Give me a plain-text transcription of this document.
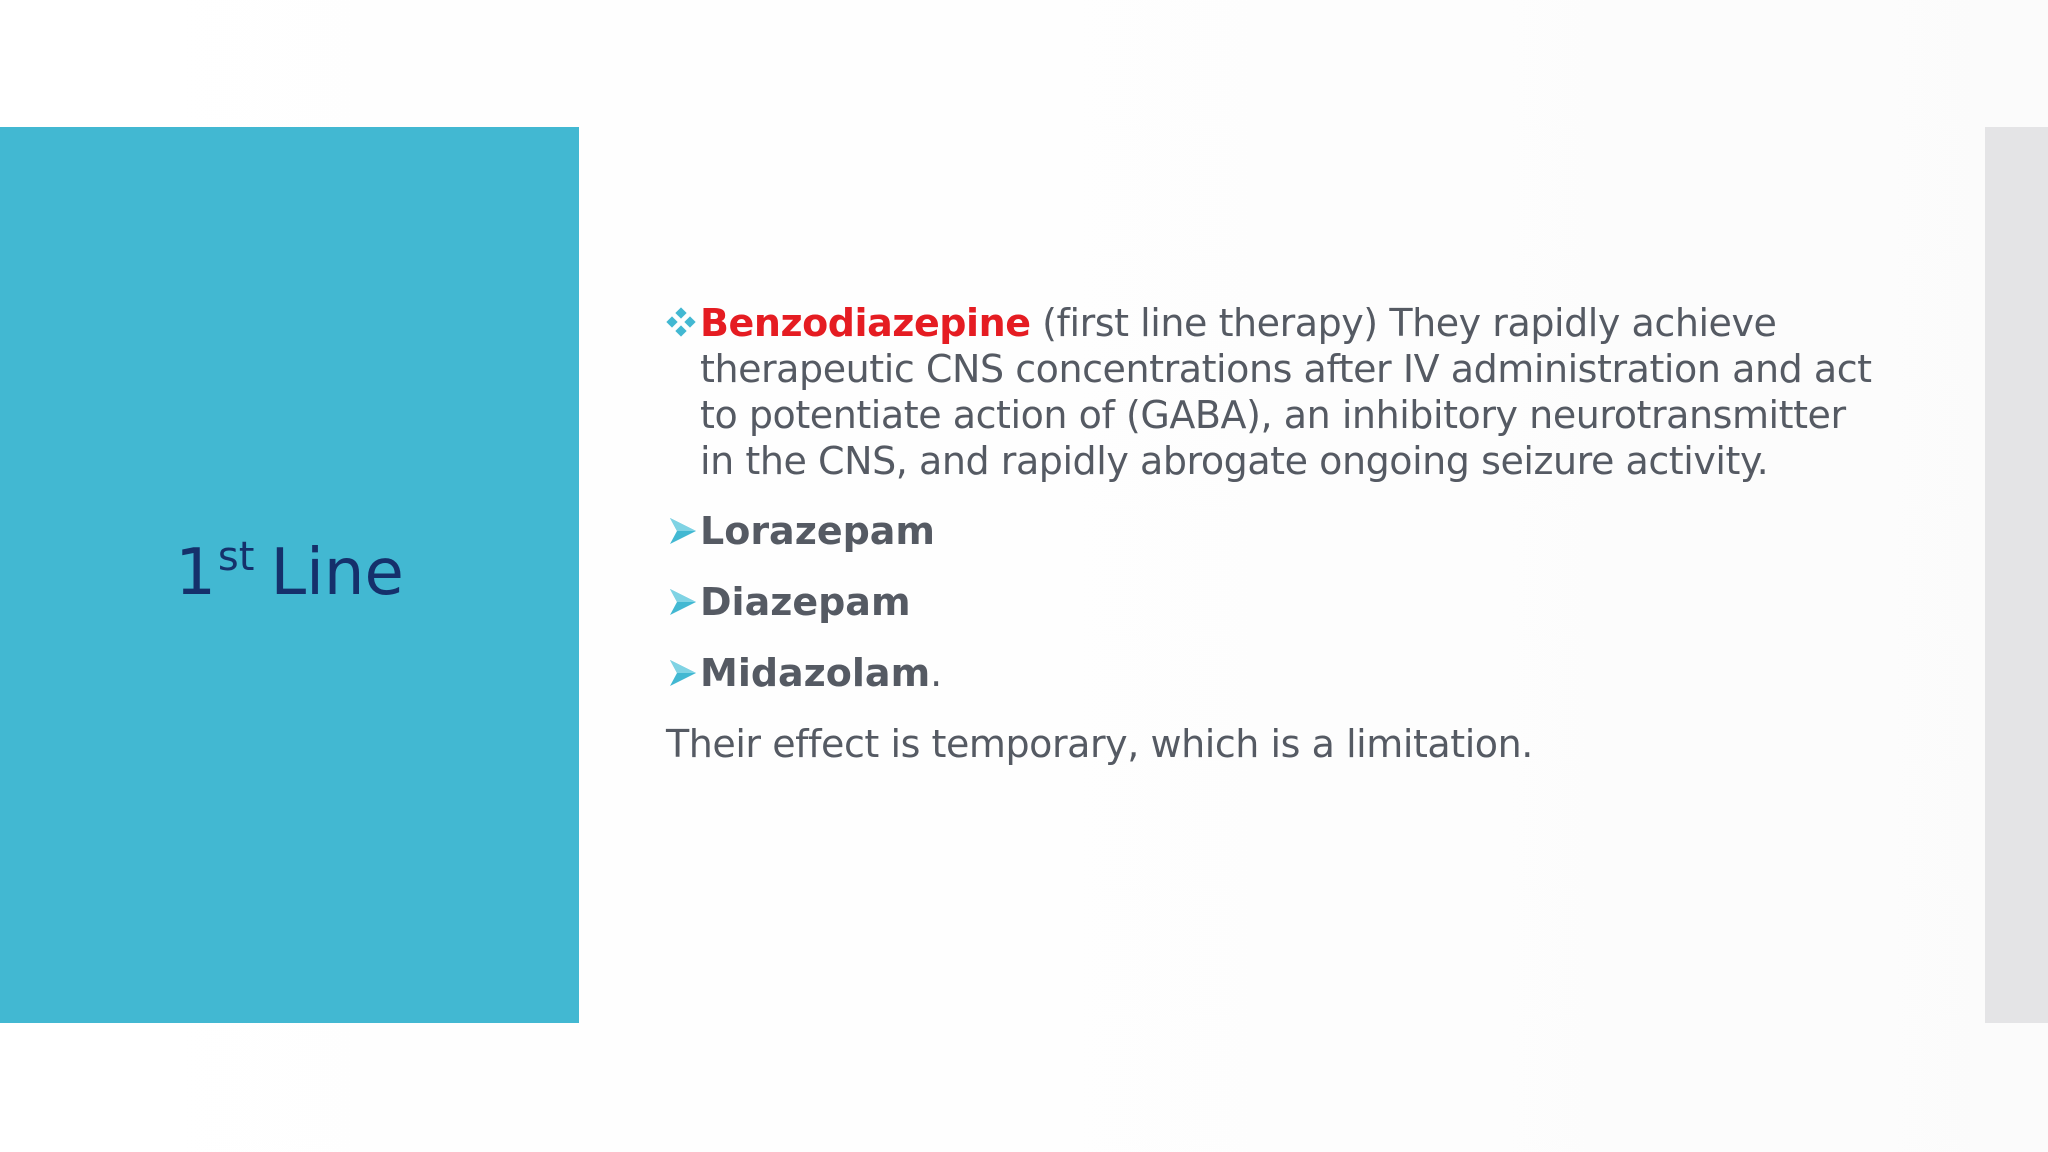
1st Line
Benzodiazepine (first line therapy) They rapidly achieve therapeutic CNS concentrations after IV administration and act to potentiate action of (GABA), an inhibitory neurotransmitter in the CNS, and rapidly abrogate ongoing seizure activity.
Lorazepam
Diazepam
Midazolam.
Their effect is temporary, which is a limitation.
